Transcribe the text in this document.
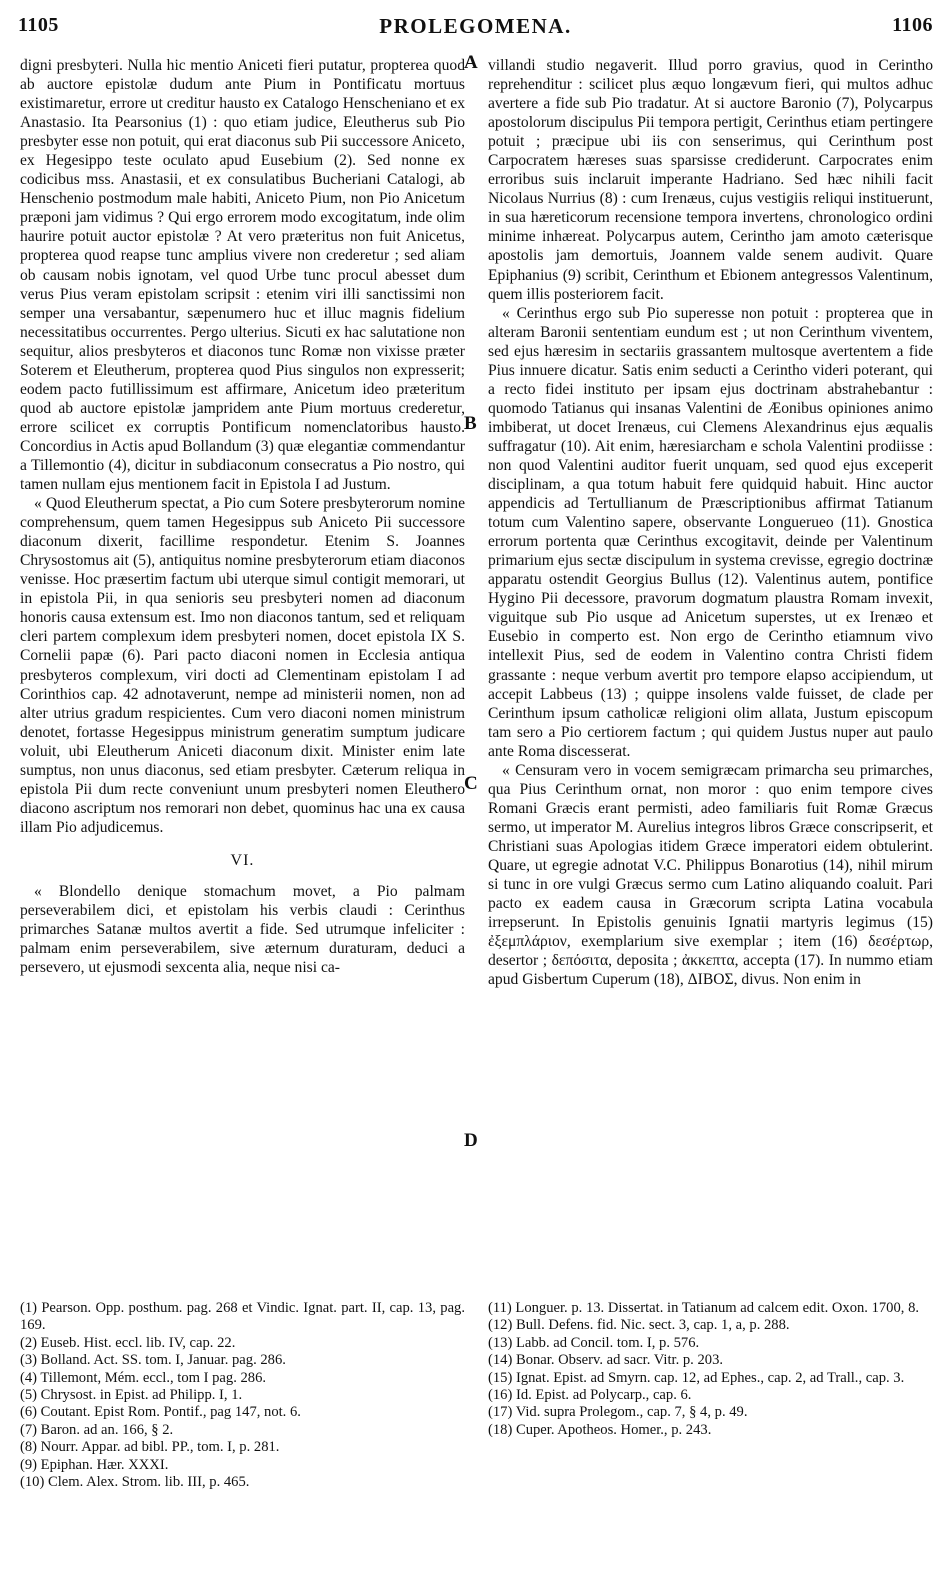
1105	PROLEGOMENA.	1106
A
B
C
D

digni presbyteri. Nulla hic mentio Aniceti fieri putatur, propterea quod ab auctore epistolæ dudum ante Pium in Pontificatu mortuus existimaretur, errore ut creditur hausto ex Catalogo Henscheniano et ex Anastasio. Ita Pearsonius (1) : quo etiam judice, Eleutherus sub Pio presbyter esse non potuit, qui erat diaconus sub Pii successore Aniceto, ex Hegesippo teste oculato apud Eusebium (2). Sed nonne ex codicibus mss. Anastasii, et ex consulatibus Bucheriani Catalogi, ab Henschenio postmodum male habiti, Aniceto Pium, non Pio Anicetum præponi jam vidimus ? Qui ergo errorem modo excogitatum, inde olim haurire potuit auctor epistolæ ? At vero præteritus non fuit Anicetus, propterea quod reapse tunc amplius vivere non crederetur ; sed aliam ob causam nobis ignotam, vel quod Urbe tunc procul abesset dum verus Pius veram epistolam scripsit : etenim viri illi sanctissimi non semper una versabantur, sæpenumero huc et illuc magnis fidelium necessitatibus occurrentes. Pergo ulterius. Sicuti ex hac salutatione non sequitur, alios presbyteros et diaconos tunc Romæ non vixisse præter Soterem et Eleutherum, propterea quod Pius singulos non expresserit; eodem pacto futillissimum est affirmare, Anicetum ideo præteritum quod ab auctore epistolæ jampridem ante Pium mortuus crederetur, errore scilicet ex corruptis Pontificum nomenclatoribus hausto. Concordius in Actis apud Bollandum (3) quæ elegantiæ commendantur a Tillemontio (4), dicitur in subdiaconum consecratus a Pio nostro, qui tamen nullam ejus mentionem facit in Epistola I ad Justum.

« Quod Eleutherum spectat, a Pio cum Sotere presbyterorum nomine comprehensum, quem tamen Hegesippus sub Aniceto Pii successore diaconum dixerit, facillime respondetur. Etenim S. Joannes Chrysostomus ait (5), antiquitus nomine presbyterorum etiam diaconos venisse. Hoc præsertim factum ubi uterque simul contigit memorari, ut in epistola Pii, in qua senioris seu presbyteri nomen ad diaconum honoris causa extensum est. Imo non diaconos tantum, sed et reliquam cleri partem complexum idem presbyteri nomen, docet epistola IX S. Cornelii papæ (6). Pari pacto diaconi nomen in Ecclesia antiqua presbyteros complexum, viri docti ad Clementinam epistolam I ad Corinthios cap. 42 adnotaverunt, nempe ad ministerii nomen, non ad alter utrius gradum respicientes. Cum vero diaconi nomen ministrum denotet, fortasse Hegesippus ministrum generatim sumptum judicare voluit, ubi Eleutherum Aniceti diaconum dixit. Minister enim late sumptus, non unus diaconus, sed etiam presbyter. Cæterum reliqua in epistola Pii dum recte conveniunt unum presbyteri nomen Eleuthero diacono ascriptum nos remorari non debet, quominus hac una ex causa illam Pio adjudicemus.

VI.

« Blondello denique stomachum movet, a Pio palmam perseverabilem dici, et epistolam his verbis claudi : Cerinthus primarches Satanæ multos avertit a fide. Sed utrumque infeliciter : palmam enim perseverabilem, sive æternum duraturam, deduci a persevero, ut ejusmodi sexcenta alia, neque nisi ca-

villandi studio negaverit. Illud porro gravius, quod in Cerintho reprehenditur : scilicet plus æquo longævum fieri, qui multos adhuc avertere a fide sub Pio tradatur. At si auctore Baronio (7), Polycarpus apostolorum discipulus Pii tempora pertigit, Cerinthus etiam pertingere potuit ; præcipue ubi iis con senserimus, qui Cerinthum post Carpocratem hæreses suas sparsisse crediderunt. Carpocrates enim erroribus suis inclaruit imperante Hadriano. Sed hæc nihili facit Nicolaus Nurrius (8) : cum Irenæus, cujus vestigiis reliqui instituerunt, in sua hæreticorum recensione tempora invertens, chronologico ordini minime inhæreat. Polycarpus autem, Cerintho jam amoto cæterisque apostolis jam demortuis, Joannem valde senem audivit. Quare Epiphanius (9) scribit, Cerinthum et Ebionem antegressos Valentinum, quem illis posteriorem facit.

« Cerinthus ergo sub Pio superesse non potuit : propterea que in alteram Baronii sententiam eundum est ; ut non Cerinthum viventem, sed ejus hæresim in sectariis grassantem multosque avertentem a fide Pius innuere dicatur. Satis enim seducti a Cerintho videri poterant, qui a recto fidei instituto per ipsam ejus doctrinam abstrahebantur : quomodo Tatianus qui insanas Valentini de Æonibus opiniones animo imbiberat, ut docet Irenæus, cui Clemens Alexandrinus ejus æqualis suffragatur (10). Ait enim, hæresiarcham e schola Valentini prodiisse : non quod Valentini auditor fuerit unquam, sed quod ejus exceperit disciplinam, a qua totum habuit fere quidquid habuit. Hinc auctor appendicis ad Tertullianum de Præscriptionibus affirmat Tatianum totum cum Valentino sapere, observante Longuerueo (11). Gnostica errorum portenta quæ Cerinthus excogitavit, deinde per Valentinum primarium ejus sectæ discipulum in systema crevisse, egregio doctrinæ apparatu ostendit Georgius Bullus (12). Valentinus autem, pontifice Hygino Pii decessore, pravorum dogmatum plaustra Romam invexit, viguitque sub Pio usque ad Anicetum superstes, ut ex Irenæo et Eusebio in comperto est. Non ergo de Cerintho etiamnum vivo intellexit Pius, sed de eodem in Valentino contra Christi fidem grassante : neque verbum avertit pro tempore elapso accipiendum, ut accepit Labbeus (13) ; quippe insolens valde fuisset, de clade per Cerinthum ipsum catholicæ religioni olim allata, Justum episcopum tam sero a Pio certiorem factum ; qui quidem Justus nuper aut paulo ante Roma discesserat.

« Censuram vero in vocem semigræcam primarcha seu primarches, qua Pius Cerinthum ornat, non moror : quo enim tempore cives Romani Græcis erant permisti, adeo familiaris fuit Romæ Græcus sermo, ut imperator M. Aurelius integros libros Græce conscripserit, et Christiani suas Apologias itidem Græce imperatori eidem obtulerint. Quare, ut egregie adnotat V.C. Philippus Bonarotius (14), nihil mirum si tunc in ore vulgi Græcus sermo cum Latino aliquando coaluit. Pari pacto ex eadem causa in Græcorum scripta Latina vocabula irrepserunt. In Epistolis genuinis Ignatii martyris legimus (15) ἐξεμπλάριον, exemplarium sive exemplar ; item (16) δεσέρτωρ, desertor ; δεπόσιτα, deposita ; ἀκκεπτα, accepta (17). In nummo etiam apud Gisbertum Cuperum (18), ΔΙΒΟΣ, divus. Non enim in

(1) Pearson. Opp. posthum. pag. 268 et Vindic. Ignat. part. II, cap. 13, pag. 169.

(2) Euseb. Hist. eccl. lib. IV, cap. 22.

(3) Bolland. Act. SS. tom. I, Januar. pag. 286.

(4) Tillemont, Mém. eccl., tom I pag. 286.

(5) Chrysost. in Epist. ad Philipp. I, 1.

(6) Coutant. Epist Rom. Pontif., pag 147, not. 6.

(7) Baron. ad an. 166, § 2.

(8) Nourr. Appar. ad bibl. PP., tom. I, p. 281.

(9) Epiphan. Hær. XXXI.

(10) Clem. Alex. Strom. lib. III, p. 465.

(11) Longuer. p. 13. Dissertat. in Tatianum ad calcem edit. Oxon. 1700, 8.

(12) Bull. Defens. fid. Nic. sect. 3, cap. 1, a, p. 288.

(13) Labb. ad Concil. tom. I, p. 576.

(14) Bonar. Observ. ad sacr. Vitr. p. 203.

(15) Ignat. Epist. ad Smyrn. cap. 12, ad Ephes., cap. 2, ad Trall., cap. 3.

(16) Id. Epist. ad Polycarp., cap. 6.

(17) Vid. supra Prolegom., cap. 7, § 4, p. 49.

(18) Cuper. Apotheos. Homer., p. 243.
